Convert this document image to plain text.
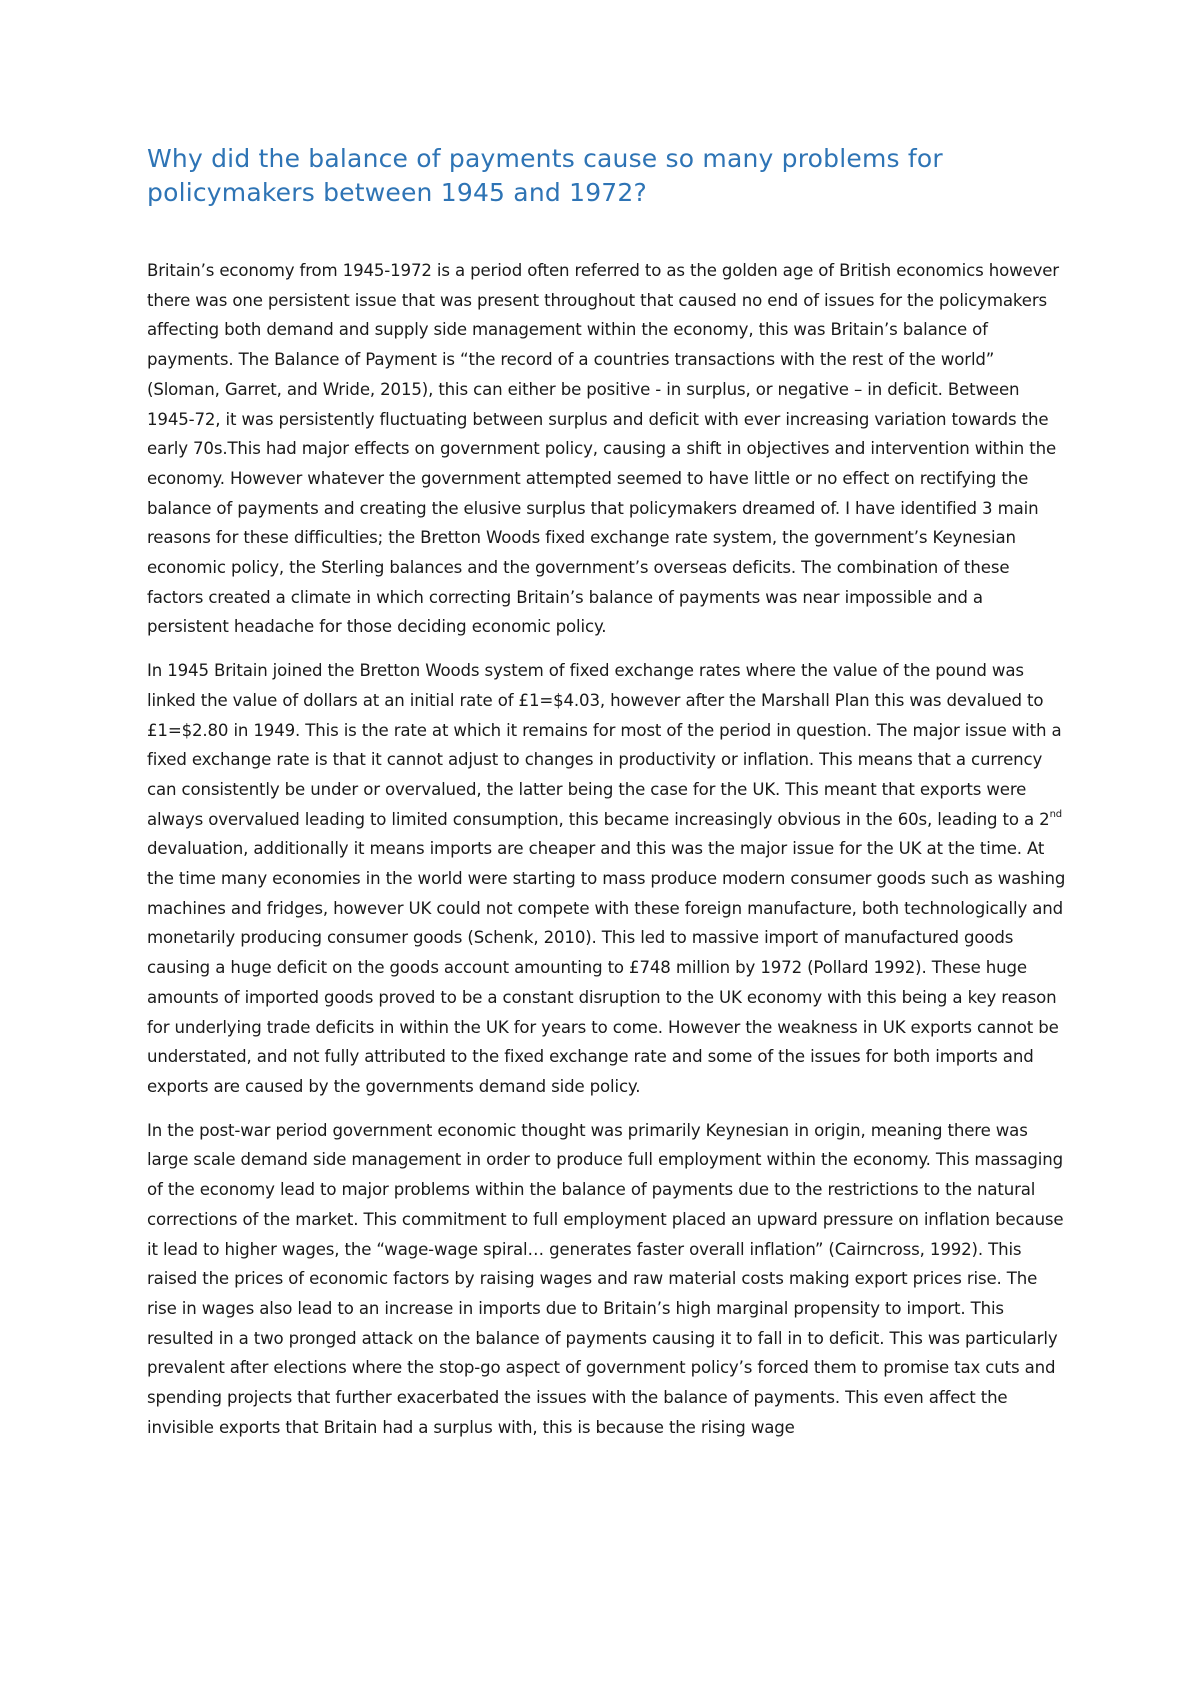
Why did the balance of payments cause so many problems for policymakers between 1945 and 1972?

Britain’s economy from 1945-1972 is a period often referred to as the golden age of British economics however there was one persistent issue that was present throughout that caused no end of issues for the policymakers affecting both demand and supply side management within the economy, this was Britain’s balance of payments. The Balance of Payment is “the record of a countries transactions with the rest of the world” (Sloman, Garret, and Wride, 2015), this can either be positive - in surplus, or negative – in deficit. Between 1945-72, it was persistently fluctuating between surplus and deficit with ever increasing variation towards the early 70s.This had major effects on government policy, causing a shift in objectives and intervention within the economy. However whatever the government attempted seemed to have little or no effect on rectifying the balance of payments and creating the elusive surplus that policymakers dreamed of. I have identified 3 main reasons for these difficulties; the Bretton Woods fixed exchange rate system, the government’s Keynesian economic policy, the Sterling balances and the government’s overseas deficits. The combination of these factors created a climate in which correcting Britain’s balance of payments was near impossible and a persistent headache for those deciding economic policy.

In 1945 Britain joined the Bretton Woods system of fixed exchange rates where the value of the pound was linked the value of dollars at an initial rate of £1=$4.03, however after the Marshall Plan this was devalued to £1=$2.80 in 1949. This is the rate at which it remains for most of the period in question. The major issue with a fixed exchange rate is that it cannot adjust to changes in productivity or inflation. This means that a currency can consistently be under or overvalued, the latter being the case for the UK. This meant that exports were always overvalued leading to limited consumption, this became increasingly obvious in the 60s, leading to a 2nd devaluation, additionally it means imports are cheaper and this was the major issue for the UK at the time. At the time many economies in the world were starting to mass produce modern consumer goods such as washing machines and fridges, however UK could not compete with these foreign manufacture, both technologically and monetarily producing consumer goods (Schenk, 2010). This led to massive import of manufactured goods causing a huge deficit on the goods account amounting to £748 million by 1972 (Pollard 1992). These huge amounts of imported goods proved to be a constant disruption to the UK economy with this being a key reason for underlying trade deficits in within the UK for years to come. However the weakness in UK exports cannot be understated, and not fully attributed to the fixed exchange rate and some of the issues for both imports and exports are caused by the governments demand side policy.

In the post-war period government economic thought was primarily Keynesian in origin, meaning there was large scale demand side management in order to produce full employment within the economy. This massaging of the economy lead to major problems within the balance of payments due to the restrictions to the natural corrections of the market. This commitment to full employment placed an upward pressure on inflation because it lead to higher wages, the “wage-wage spiral… generates faster overall inflation” (Cairncross, 1992). This raised the prices of economic factors by raising wages and raw material costs making export prices rise. The rise in wages also lead to an increase in imports due to Britain’s high marginal propensity to import. This resulted in a two pronged attack on the balance of payments causing it to fall in to deficit. This was particularly prevalent after elections where the stop-go aspect of government policy’s forced them to promise tax cuts and spending projects that further exacerbated the issues with the balance of payments. This even affect the invisible exports that Britain had a surplus with, this is because the rising wage
